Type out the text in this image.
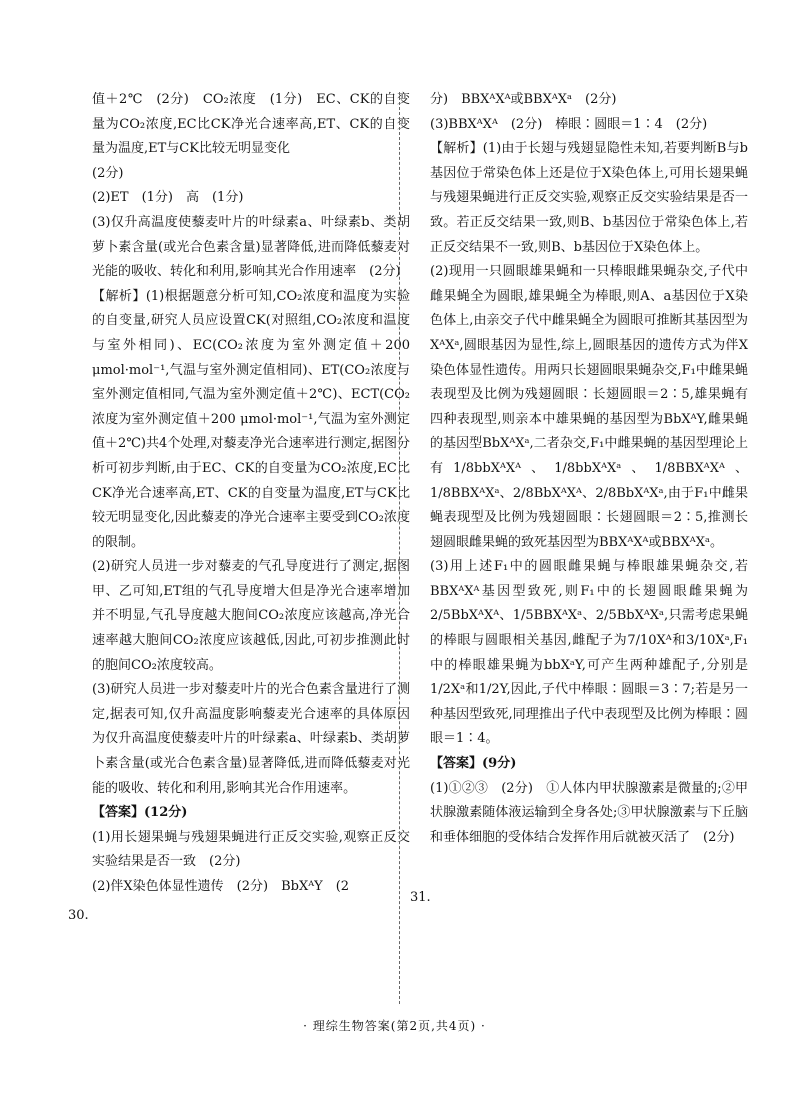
值＋2℃　(2分)　CO₂浓度　(1分)　EC、CK的自变量为CO₂浓度,EC比CK净光合速率高,ET、CK的自变量为温度,ET与CK比较无明显变化

(2分)

(2)ET　(1分)　高　(1分)

(3)仅升高温度使藜麦叶片的叶绿素a、叶绿素b、类胡萝卜素含量(或光合色素含量)显著降低,进而降低藜麦对光能的吸收、转化和利用,影响其光合作用速率　(2分)

【解析】(1)根据题意分析可知,CO₂浓度和温度为实验的自变量,研究人员应设置CK(对照组,CO₂浓度和温度与室外相同)、EC(CO₂浓度为室外测定值＋200 μmol·mol⁻¹,气温与室外测定值相同)、ET(CO₂浓度与室外测定值相同,气温为室外测定值＋2℃)、ECT(CO₂浓度为室外测定值＋200 μmol·mol⁻¹,气温为室外测定值＋2℃)共4个处理,对藜麦净光合速率进行测定,据图分析可初步判断,由于EC、CK的自变量为CO₂浓度,EC比CK净光合速率高,ET、CK的自变量为温度,ET与CK比较无明显变化,因此藜麦的净光合速率主要受到CO₂浓度的限制。

(2)研究人员进一步对藜麦的气孔导度进行了测定,据图甲、乙可知,ET组的气孔导度增大但是净光合速率增加并不明显,气孔导度越大胞间CO₂浓度应该越高,净光合速率越大胞间CO₂浓度应该越低,因此,可初步推测此时的胞间CO₂浓度较高。

(3)研究人员进一步对藜麦叶片的光合色素含量进行了测定,据表可知,仅升高温度影响藜麦光合速率的具体原因为仅升高温度使藜麦叶片的叶绿素a、叶绿素b、类胡萝卜素含量(或光合色素含量)显著降低,进而降低藜麦对光能的吸收、转化和利用,影响其光合作用速率。

【答案】(12分)

(1)用长翅果蝇与残翅果蝇进行正反交实验,观察正反交实验结果是否一致　(2分)

(2)伴X染色体显性遗传　(2分)　BbXᴬY　(2

30.

分)　BBXᴬXᴬ或BBXᴬXᵃ　(2分)

(3)BBXᴬXᴬ　(2分)　棒眼∶圆眼＝1∶4　(2分)

【解析】(1)由于长翅与残翅显隐性未知,若要判断B与b基因位于常染色体上还是位于X染色体上,可用长翅果蝇与残翅果蝇进行正反交实验,观察正反交实验结果是否一致。若正反交结果一致,则B、b基因位于常染色体上,若正反交结果不一致,则B、b基因位于X染色体上。

(2)现用一只圆眼雄果蝇和一只棒眼雌果蝇杂交,子代中雌果蝇全为圆眼,雄果蝇全为棒眼,则A、a基因位于X染色体上,由亲交子代中雌果蝇全为圆眼可推断其基因型为XᴬXᵃ,圆眼基因为显性,综上,圆眼基因的遗传方式为伴X染色体显性遗传。用两只长翅圆眼果蝇杂交,F₁中雌果蝇表现型及比例为残翅圆眼∶长翅圆眼＝2∶5,雄果蝇有四种表现型,则亲本中雄果蝇的基因型为BbXᴬY,雌果蝇的基因型BbXᴬXᵃ,二者杂交,F₁中雌果蝇的基因型理论上有1/8bbXᴬXᴬ、1/8bbXᴬXᵃ、1/8BBXᴬXᴬ、1/8BBXᴬXᵃ、2/8BbXᴬXᴬ、2/8BbXᴬXᵃ,由于F₁中雌果蝇表现型及比例为残翅圆眼∶长翅圆眼＝2∶5,推测长翅圆眼雌果蝇的致死基因型为BBXᴬXᴬ或BBXᴬXᵃ。

(3)用上述F₁中的圆眼雌果蝇与棒眼雄果蝇杂交,若BBXᴬXᴬ基因型致死,则F₁中的长翅圆眼雌果蝇为2/5BbXᴬXᴬ、1/5BBXᴬXᵃ、2/5BbXᴬXᵃ,只需考虑果蝇的棒眼与圆眼相关基因,雌配子为7/10Xᴬ和3/10Xᵃ,F₁中的棒眼雄果蝇为bbXᵃY,可产生两种雄配子,分别是1/2Xᵃ和1/2Y,因此,子代中棒眼∶圆眼＝3∶7;若是另一种基因型致死,同理推出子代中表现型及比例为棒眼∶圆眼＝1∶4。

【答案】(9分)

(1)①②③　(2分)　①人体内甲状腺激素是微量的;②甲状腺激素随体液运输到全身各处;③甲状腺激素与下丘脑和垂体细胞的受体结合发挥作用后就被灭活了　(2分)

31.
· 理综生物答案(第2页,共4页) ·
